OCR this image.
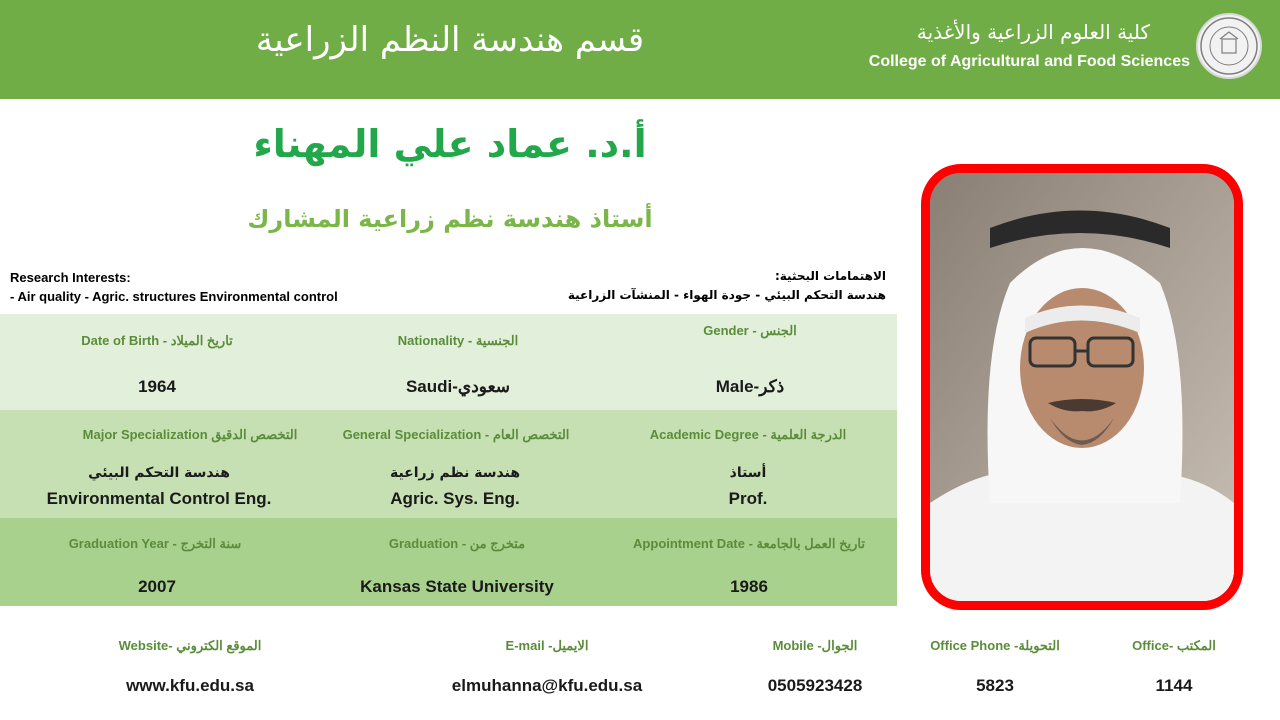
قسم هندسة النظم الزراعية	كلية العلوم الزراعية والأغذية
College of Agricultural and Food Sciences
أ.د. عماد علي المهناء
أستاذ هندسة نظم زراعية المشارك
Research Interests:
- Air quality - Agric. structures Environmental control
الاهتمامات البحثية:
هندسة التحكم البيئي - جودة الهواء - المنشآت الزراعية
Date of Birth - تاريخ الميلاد
1964
Nationality - الجنسية
Saudi-سعودي
Gender - الجنس
Male-ذكر
Major Specialization التخصص الدقيق
هندسة التحكم البيئي
Environmental Control Eng.
General Specialization - التخصص العام
هندسة نظم زراعية
Agric. Sys. Eng.
Academic Degree - الدرجة العلمية
أستاذ
Prof.
Graduation Year - سنة التخرج
2007
Graduation - متخرج من
Kansas State University
Appointment Date - تاريخ العمل بالجامعة
1986
Website- الموقع الكتروني
www.kfu.edu.sa
E-mail -الايميل
elmuhanna@kfu.edu.sa
Mobile -الجوال
0505923428
Office Phone -التحويلة
5823
Office- المكتب
1144
